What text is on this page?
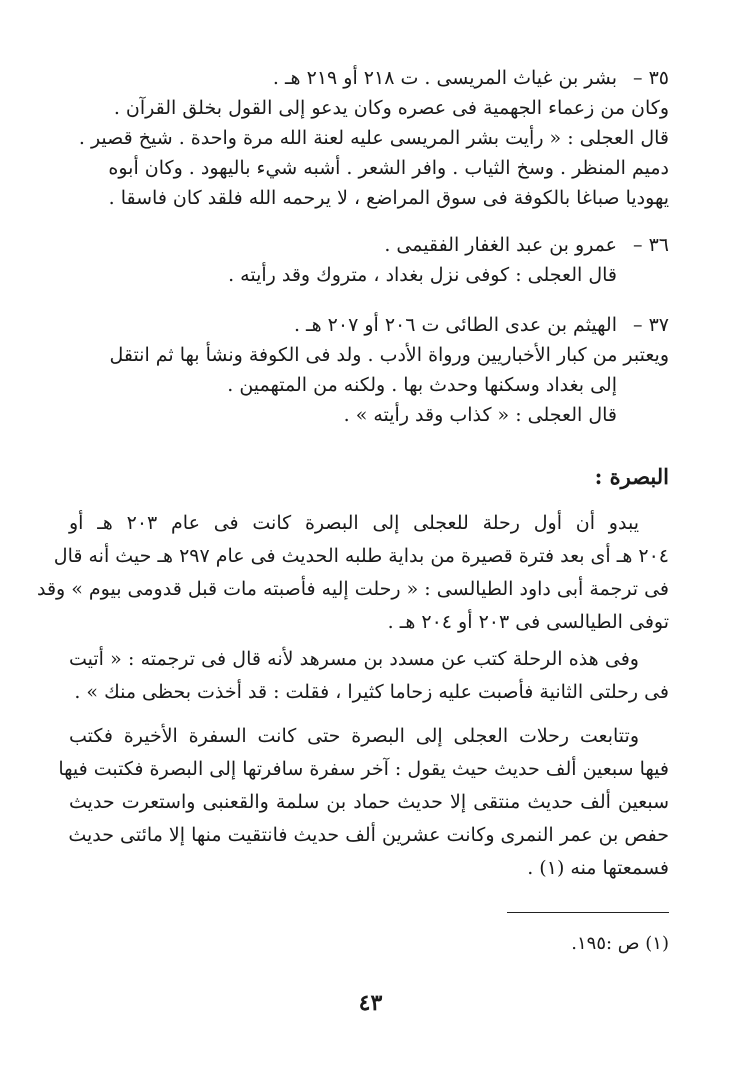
٣٥ –
بشر بن غياث المريسى . ت ٢١٨ أو ٢١٩ هـ .
وكان من زعماء الجهمية فى عصره وكان يدعو إلى القول بخلق القرآن .
قال العجلى : « رأيت بشر المريسى عليه لعنة الله مرة واحدة . شيخ قصير .
دميم المنظر . وسخ الثياب . وافر الشعر . أشبه شيء باليهود . وكان أبوه
يهوديا صباغا بالكوفة فى سوق المراضع ، لا يرحمه الله فلقد كان فاسقا .
٣٦ –
عمرو بن عبد الغفار الفقيمى .
قال العجلى : كوفى نزل بغداد ، متروك وقد رأيته .
٣٧ –
الهيثم بن عدى الطائى ت ٢٠٦ أو ٢٠٧ هـ .
ويعتبر من كبار الأخباريين ورواة الأدب . ولد فى الكوفة ونشأ بها ثم انتقل
إلى بغداد وسكنها وحدث بها . ولكنه من المتهمين .
قال العجلى : « كذاب وقد رأيته » .
البصرة :
يبدو أن أول رحلة للعجلى إلى البصرة كانت فى عام ٢٠٣ هـ أو
٢٠٤ هـ أى بعد فترة قصيرة من بداية طلبه الحديث فى عام ٢٩٧ هـ حيث أنه قال
فى ترجمة أبى داود الطيالسى : « رحلت إليه فأصبته مات قبل قدومى بيوم » وقد
توفى الطيالسى فى ٢٠٣ أو ٢٠٤ هـ .
وفى هذه الرحلة كتب عن مسدد بن مسرهد لأنه قال فى ترجمته : « أتيت
فى رحلتى الثانية فأصبت عليه زحاما كثيرا ، فقلت : قد أخذت بحظى منك » .
وتتابعت رحلات العجلى إلى البصرة حتى كانت السفرة الأخيرة فكتب
فيها سبعين ألف حديث حيث يقول : آخر سفرة سافرتها إلى البصرة فكتبت فيها
سبعين ألف حديث منتقى إلا حديث حماد بن سلمة والقعنبى واستعرت حديث
حفص بن عمر النمرى وكانت عشرين ألف حديث فانتقيت منها إلا مائتى حديث
فسمعتها منه (١) .
(١) ص :١٩٥.
٤٣
